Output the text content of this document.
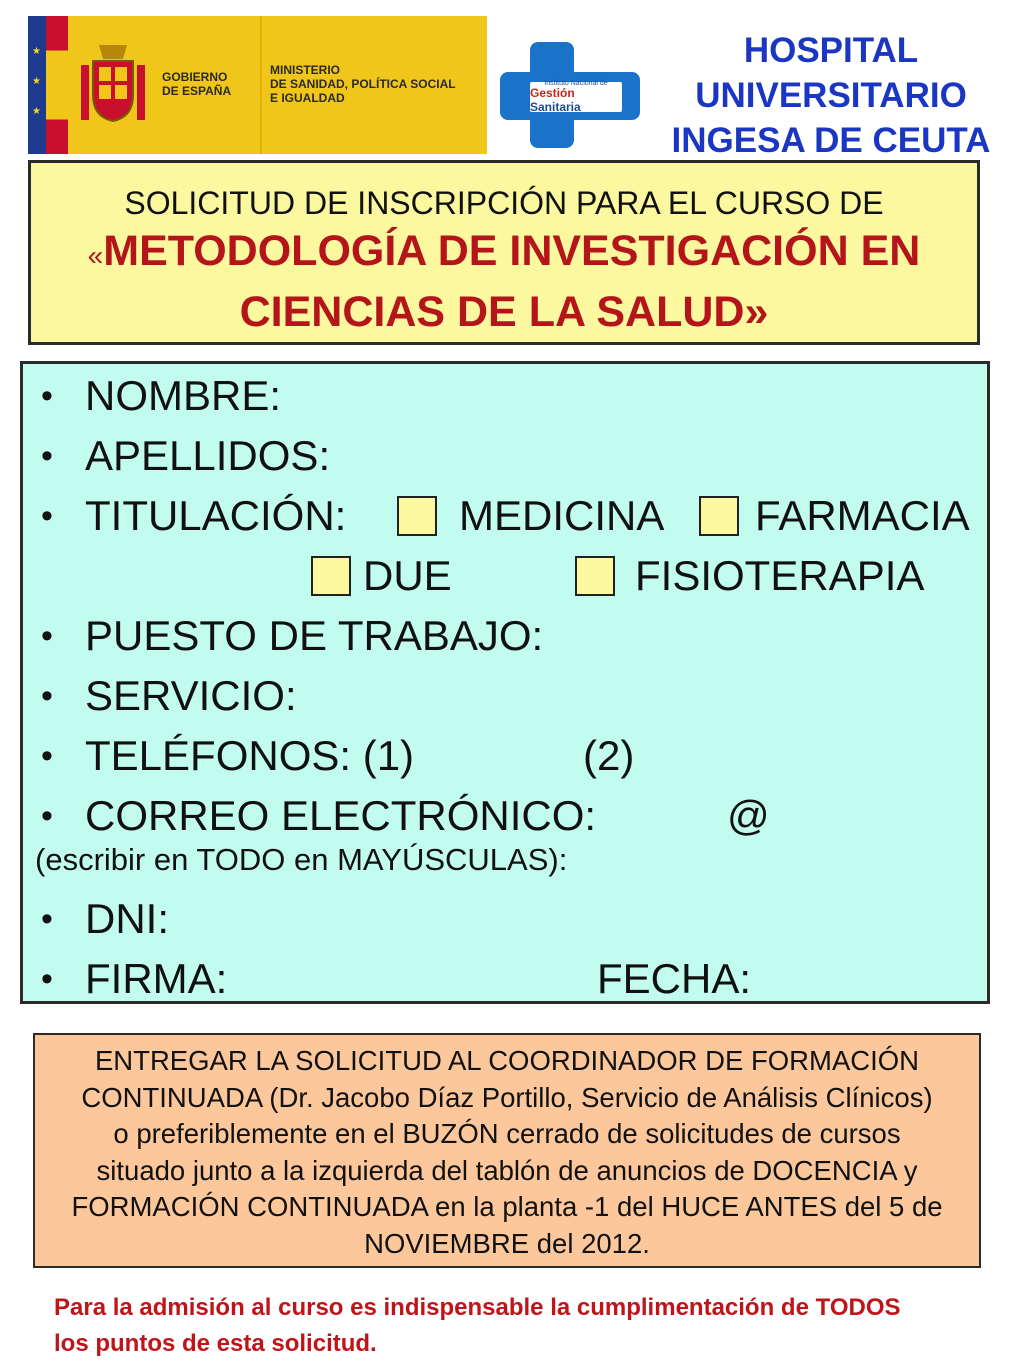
★
★
★
GOBIERNO
DE ESPAÑA
MINISTERIO
DE SANIDAD, POLÍTICA SOCIAL
E IGUALDAD
Instituto Nacional de
Gestión Sanitaria
HOSPITAL
UNIVERSITARIO
INGESA DE CEUTA
SOLICITUD DE INSCRIPCIÓN PARA EL CURSO DE
«METODOLOGÍA DE INVESTIGACIÓN EN
CIENCIAS DE LA SALUD»
• NOMBRE:
• APELLIDOS:
• TITULACIÓN:	MEDICINA FARMACIA
DUE	FISIOTERAPIA
• PUESTO DE TRABAJO:
• SERVICIO:
• TELÉFONOS: (1)	(2)
• CORREO ELECTRÓNICO:	@
(escribir en TODO en MAYÚSCULAS):
• DNI:
• FIRMA:	FECHA:
ENTREGAR LA SOLICITUD AL COORDINADOR DE FORMACIÓN
CONTINUADA (Dr. Jacobo Díaz Portillo, Servicio de Análisis Clínicos)
o preferiblemente en el BUZÓN cerrado de solicitudes de cursos
situado junto a la izquierda del tablón de anuncios de DOCENCIA y
FORMACIÓN CONTINUADA en la planta -1 del HUCE ANTES del 5 de
NOVIEMBRE del 2012.
Para la admisión al curso es indispensable la cumplimentación de TODOS
los puntos de esta solicitud.
